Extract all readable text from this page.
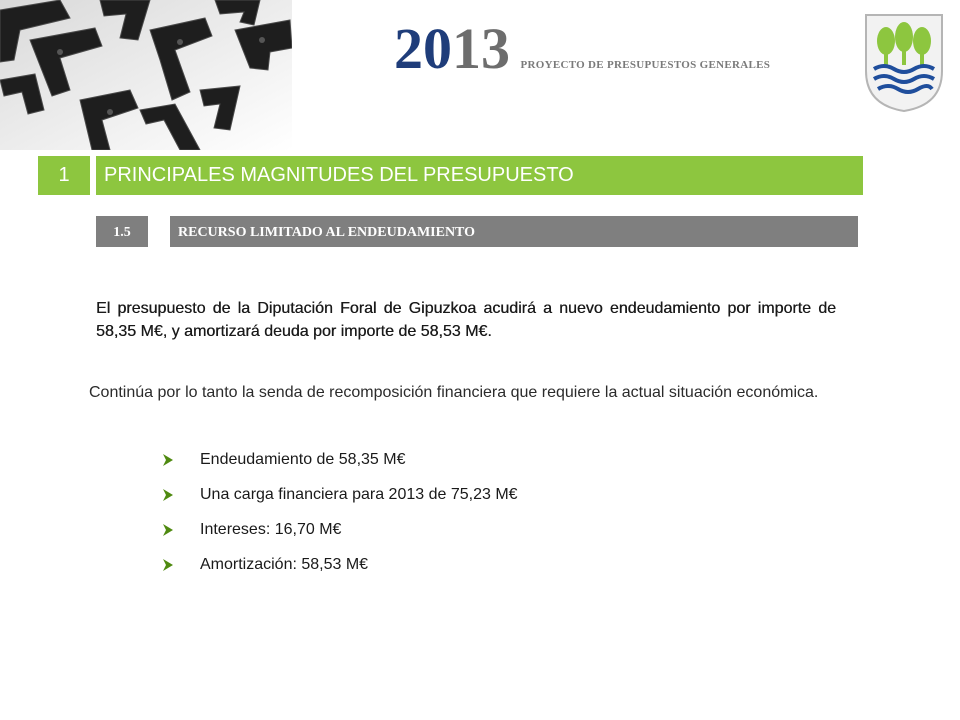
2013 PROYECTO DE PRESUPUESTOS GENERALES
1	PRINCIPALES MAGNITUDES DEL PRESUPUESTO
1.5	RECURSO LIMITADO AL ENDEUDAMIENTO
El presupuesto de la Diputación Foral de Gipuzkoa acudirá a nuevo endeudamiento por importe de 58,35 M€, y amortizará deuda por importe de 58,53 M€.
Continúa por lo tanto la senda de recomposición financiera que requiere la actual situación económica.
Endeudamiento de 58,35 M€
Una carga financiera para 2013 de 75,23 M€
Intereses: 16,70 M€
Amortización: 58,53 M€
